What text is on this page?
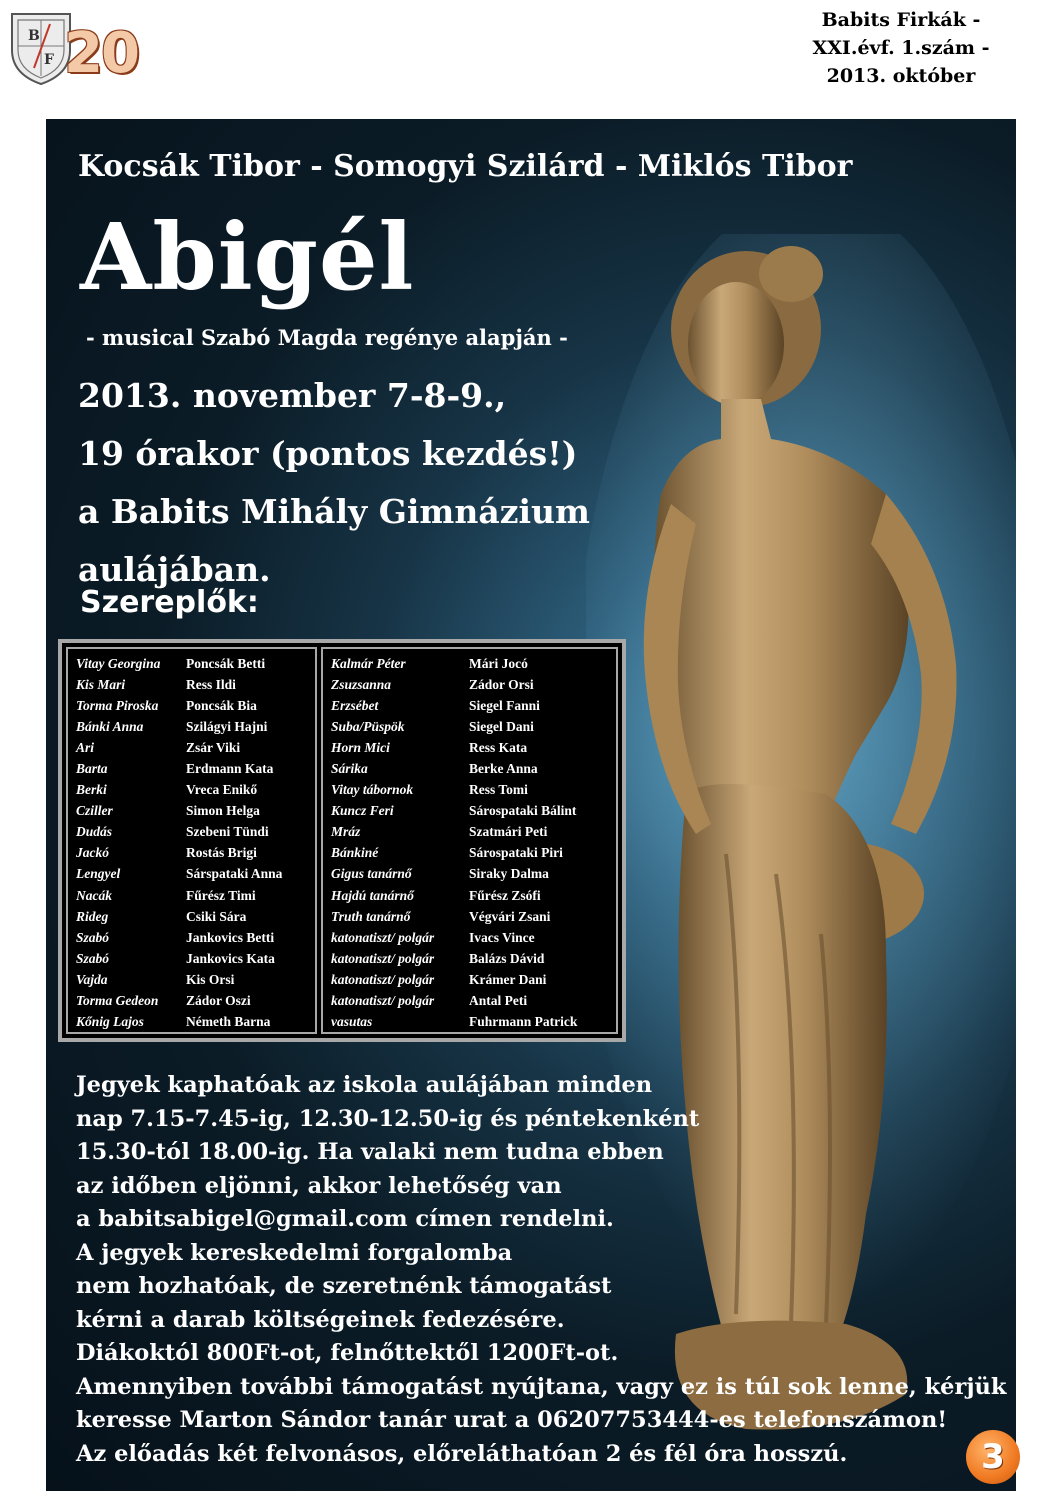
B
F 20
Babits Firkák -
XXI.évf. 1.szám -
2013. október
Kocsák Tibor - Somogyi Szilárd - Miklós Tibor
Abigél
- musical Szabó Magda regénye alapján -
2013. november 7-8-9.,
19 órakor (pontos kezdés!)
a Babits Mihály Gimnázium
aulájában.
Szereplők:
Vitay Georgina	Poncsák Betti
Kis Mari	Ress Ildi
Torma Piroska	Poncsák Bia
Bánki Anna	Szilágyi Hajni
Ari	Zsár Viki
Barta	Erdmann Kata
Berki	Vreca Enikő
Cziller	Simon Helga
Dudás	Szebeni Tündi
Jackó	Rostás Brigi
Lengyel	Sárspataki Anna
Nacák	Fűrész Timi
Rideg	Csiki Sára
Szabó	Jankovics Betti
Szabó	Jankovics Kata
Vajda	Kis Orsi
Torma Gedeon	Zádor Oszi
Kőnig Lajos	Németh Barna
Kalmár Péter	Mári Jocó
Zsuzsanna	Zádor Orsi
Erzsébet	Siegel Fanni
Suba/Püspök	Siegel Dani
Horn Mici	Ress Kata
Sárika	Berke Anna
Vitay tábornok	Ress Tomi
Kuncz Feri	Sárospataki Bálint
Mráz	Szatmári Peti
Bánkiné	Sárospataki Piri
Gigus tanárnő	Siraky Dalma
Hajdú tanárnő	Fűrész Zsófi
Truth tanárnő	Végvári Zsani
katonatiszt/ polgár	Ivacs Vince
katonatiszt/ polgár	Balázs Dávid
katonatiszt/ polgár	Krámer Dani
katonatiszt/ polgár	Antal Peti
vasutas	Fuhrmann Patrick
Jegyek kaphatóak az iskola aulájában minden
nap 7.15-7.45-ig, 12.30-12.50-ig és péntekenként
15.30-tól 18.00-ig. Ha valaki nem tudna ebben
az időben eljönni, akkor lehetőség van
a babitsabigel@gmail.com címen rendelni.
A jegyek kereskedelmi forgalomba
nem hozhatóak, de szeretnénk támogatást
kérni a darab költségeinek fedezésére.
Diákoktól 800Ft-ot, felnőttektől 1200Ft-ot.
Amennyiben további támogatást nyújtana, vagy ez is túl sok lenne, kérjük
keresse Marton Sándor tanár urat a 06207753444-es telefonszámon!
Az előadás két felvonásos, előreláthatóan 2 és fél óra hosszú.	3
